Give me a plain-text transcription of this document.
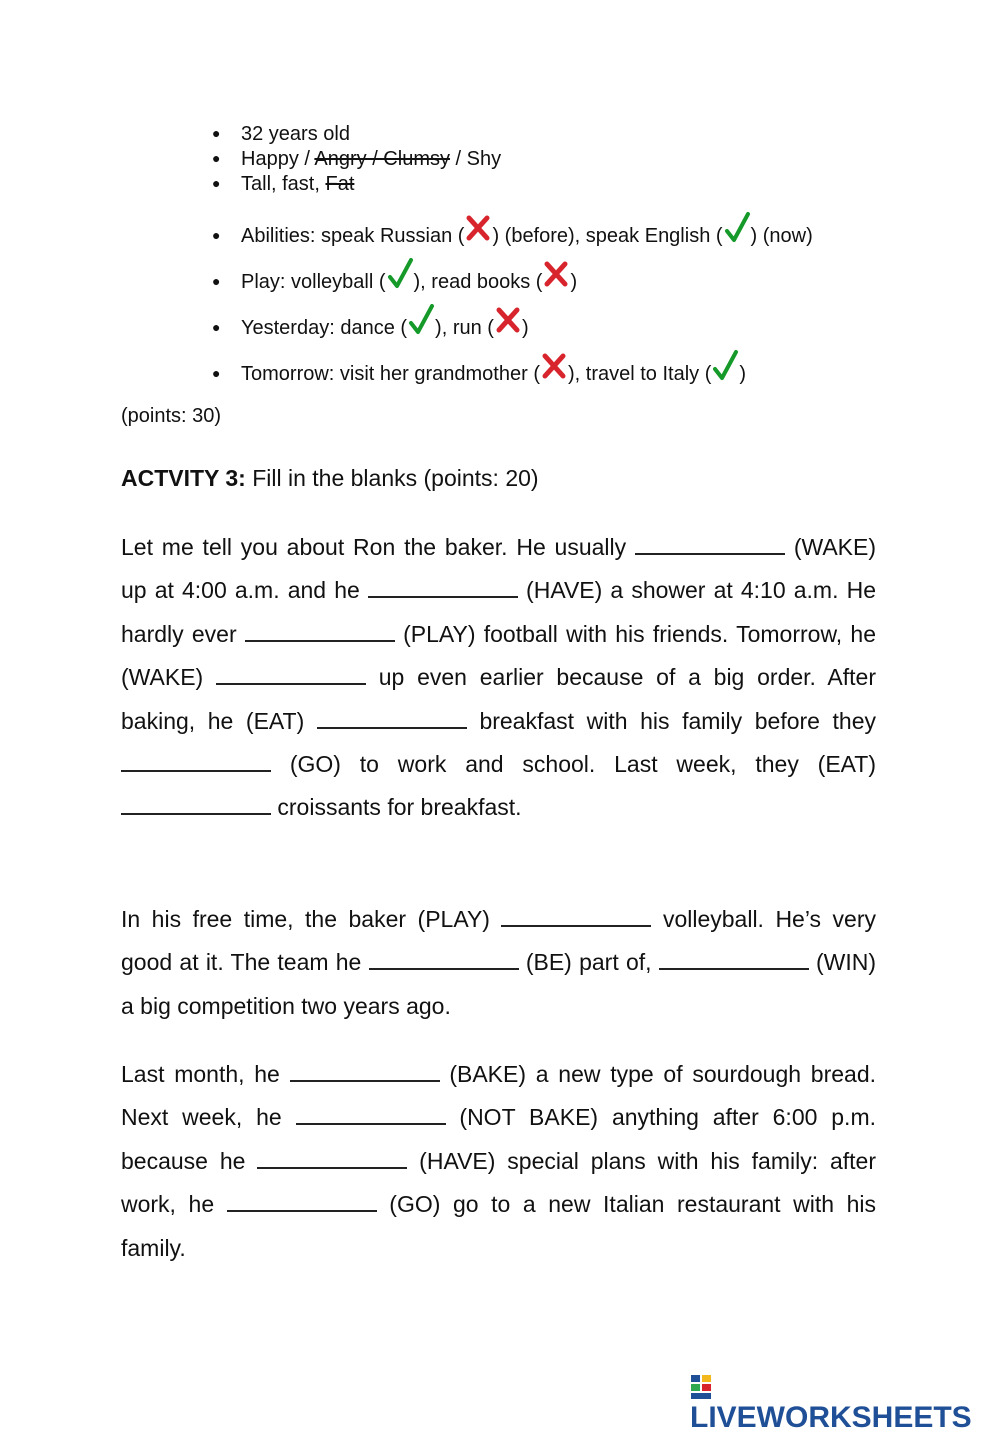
● 32 years old
● Happy / Angry / Clumsy / Shy
● Tall, fast, Fat
● Abilities: speak Russian ( ) (before), speak English ( ) (now)
● Play: volleyball ( ), read books ( )
● Yesterday: dance ( ), run ( )
● Tomorrow: visit her grandmother ( ), travel to Italy ( )
(points: 30)
ACTVITY 3: Fill in the blanks (points: 20)
Let me tell you about Ron the baker. He usually	(WAKE) up at 4:00 a.m. and he	(HAVE) a shower at 4:10 a.m. He hardly ever	(PLAY) football with his friends. Tomorrow, he (WAKE)	up even earlier because of a big order. After baking, he (EAT)	breakfast with his family before they  (GO) to work and school. Last week, they (EAT)  croissants for breakfast.
In his free time, the baker (PLAY)	volleyball. He’s very good at it. The team he	(BE) part of,	(WIN) a big competition two years ago.
Last month, he	(BAKE) a new type of sourdough bread. Next week, he	(NOT BAKE) anything after 6:00 p.m. because he	(HAVE) special plans with his family: after work, he	(GO) go to a new Italian restaurant with his family.
LIVEWORKSHEETS
